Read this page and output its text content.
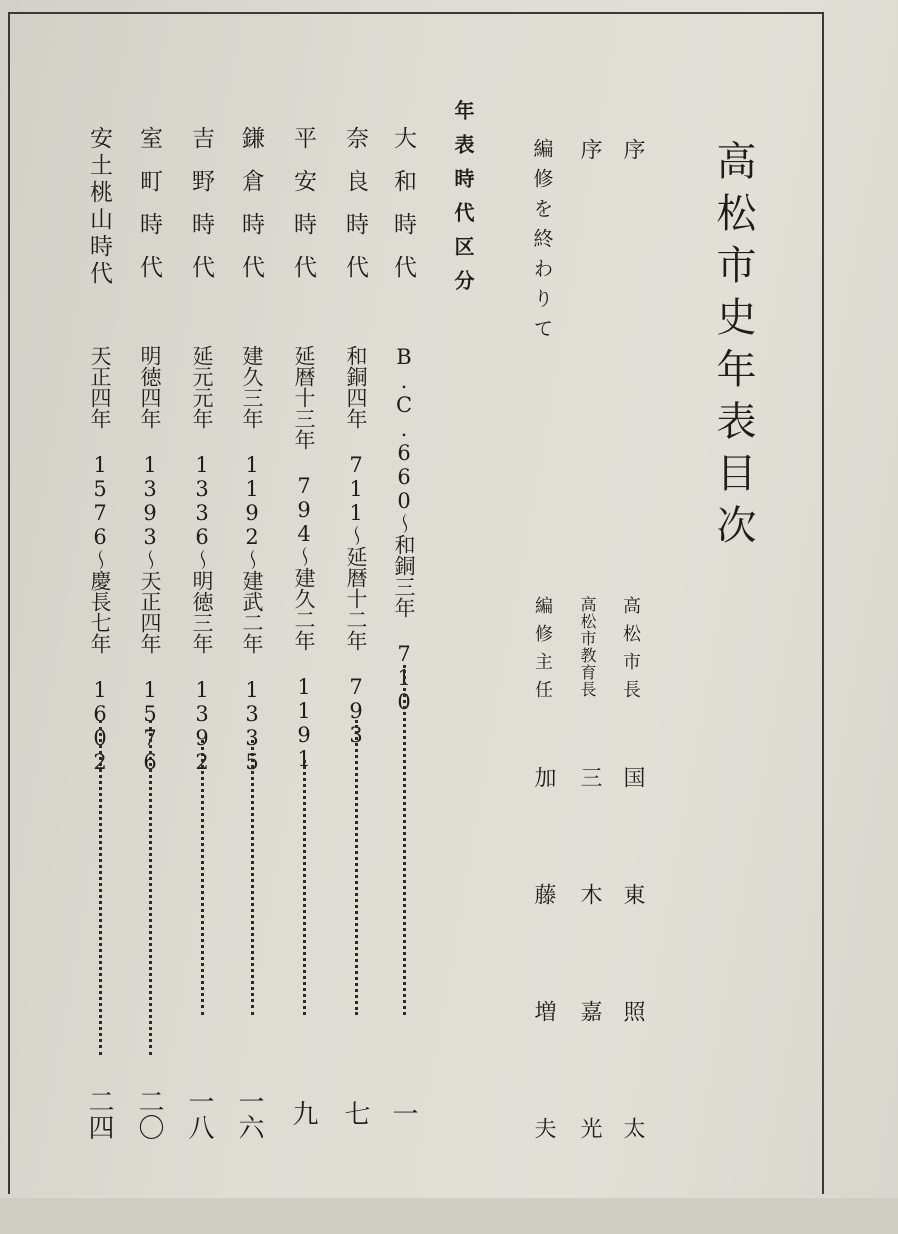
高松市史年表目次
序
高松市長
国東照太
序
高松市教育長
三木嘉光
編修を終わりて
編修主任
加藤増夫
年表時代区分
大和時代
B.C.660〜和銅三年 710
一
奈良時代
和銅四年 711〜延暦十二年 793
七
平安時代
延暦十三年 794〜建久二年 1191
九
鎌倉時代
建久三年 1192〜建武二年 1335
一六
吉野時代
延元元年 1336〜明徳三年 1392
一八
室町時代
明徳四年 1393〜天正四年 1576
二〇
安土桃山時代
天正四年 1576〜慶長七年 1602
二四
